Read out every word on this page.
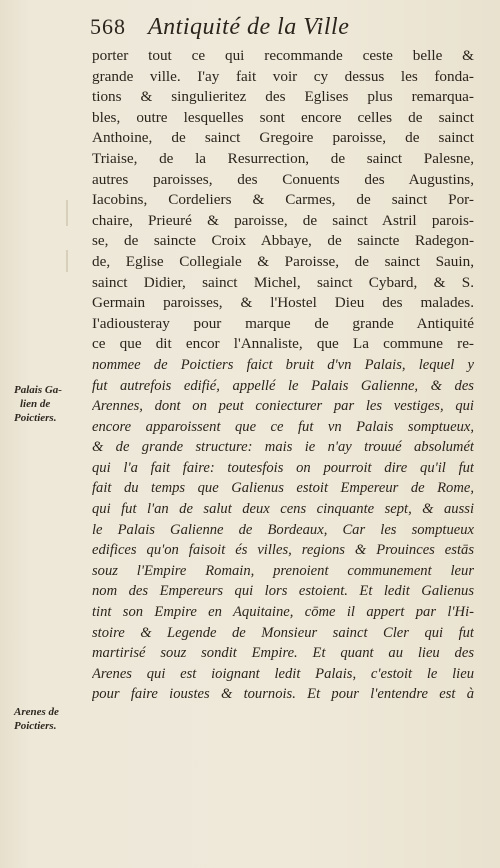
568 Antiquité de la Ville
Palais Ga-
lien de
Poictiers.
Arenes de
Poictiers.
porter tout ce qui recommande ceste belle &
grande ville. I'ay fait voir cy dessus les fonda-
tions & singulieritez des Eglises plus remarqua-
bles, outre lesquelles sont encore celles de sainct
Anthoine, de sainct Gregoire paroisse, de sainct
Triaise, de la Resurrection, de sainct Palesne,
autres paroisses, des Conuents des Augustins,
Iacobins, Cordeliers & Carmes, de sainct Por-
chaire, Prieuré & paroisse, de sainct Astril parois-
se, de saincte Croix Abbaye, de saincte Radegon-
de, Eglise Collegiale & Paroisse, de sainct Sauin,
sainct Didier, sainct Michel, sainct Cybard, & S.
Germain paroisses, & l'Hostel Dieu des malades.
I'adiousteray pour marque de grande Antiquité
ce que dit encor l'Annaliste, que La commune re-
nommee de Poictiers faict bruit d'vn Palais, lequel y
fut autrefois edifié, appellé le Palais Galienne, & des
Arennes, dont on peut coniecturer par les vestiges, qui
encore apparoissent que ce fut vn Palais somptueux,
& de grande structure: mais ie n'ay trouué absolumét
qui l'a fait faire: toutesfois on pourroit dire qu'il fut
fait du temps que Galienus estoit Empereur de Rome,
qui fut l'an de salut deux cens cinquante sept, & aussi
le Palais Galienne de Bordeaux, Car les somptueux
edifices qu'on faisoit és villes, regions & Prouinces estās
souz l'Empire Romain, prenoient communement leur
nom des Empereurs qui lors estoient. Et ledit Galienus
tint son Empire en Aquitaine, cōme il appert par l'Hi-
stoire & Legende de Monsieur sainct Cler qui fut
martirisé souz sondit Empire. Et quant au lieu des
Arenes qui est ioignant ledit Palais, c'estoit le lieu
pour faire ioustes & tournois. Et pour l'entendre est à
